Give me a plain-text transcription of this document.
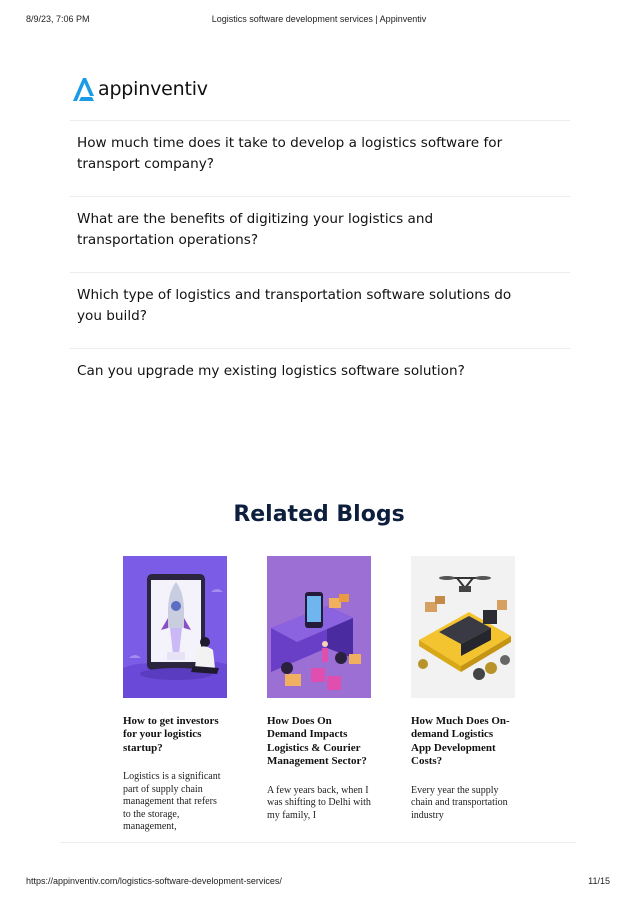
8/9/23, 7:06 PM	Logistics software development services | Appinventiv
appinventiv
How much time does it take to develop a logistics software for transport company?
What are the benefits of digitizing your logistics and transportation operations?
Which type of logistics and transportation software solutions do you build?
Can you upgrade my existing logistics software solution?
Related Blogs
How to get investors for your logistics startup?

Logistics is a significant part of supply chain management that refers to the storage, management,

How Does On Demand Impacts Logistics & Courier Management Sector?

A few years back, when I was shifting to Delhi with my family, I

How Much Does On-demand Logistics App Development Costs?

Every year the supply chain and transportation industry

https://appinventiv.com/logistics-software-development-services/	11/15
